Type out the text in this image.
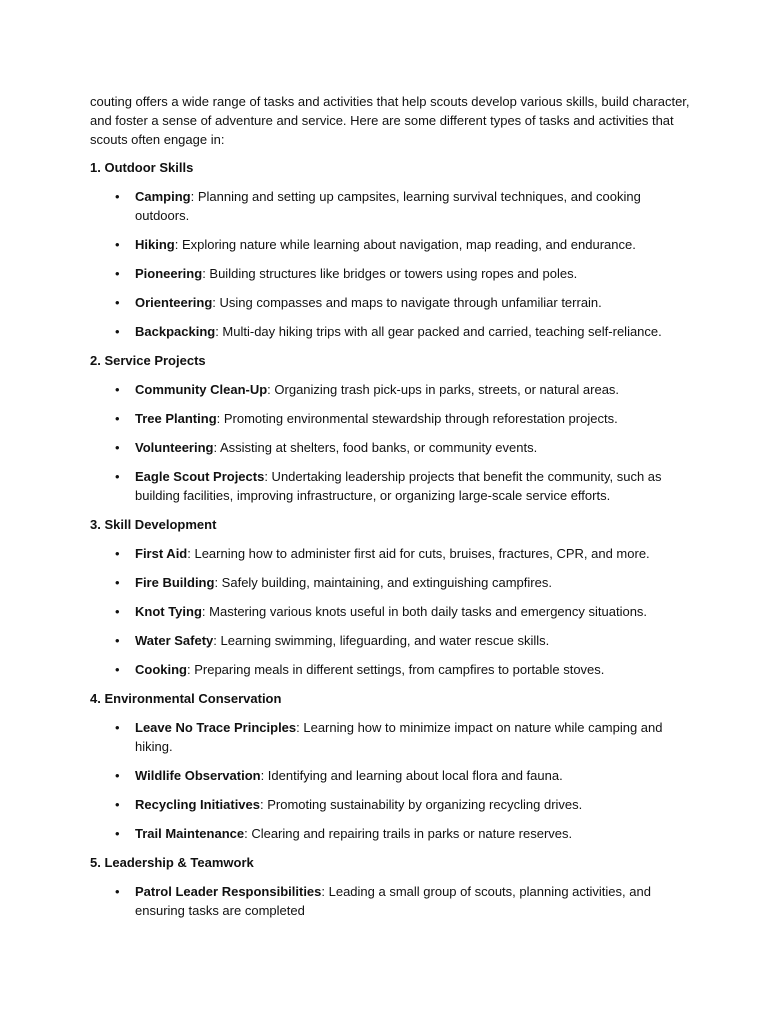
couting offers a wide range of tasks and activities that help scouts develop various skills, build character, and foster a sense of adventure and service. Here are some different types of tasks and activities that scouts often engage in:

1. Outdoor Skills

• Camping: Planning and setting up campsites, learning survival techniques, and cooking outdoors.
• Hiking: Exploring nature while learning about navigation, map reading, and endurance.
• Pioneering: Building structures like bridges or towers using ropes and poles.
• Orienteering: Using compasses and maps to navigate through unfamiliar terrain.
• Backpacking: Multi-day hiking trips with all gear packed and carried, teaching self-reliance.

2. Service Projects

• Community Clean-Up: Organizing trash pick-ups in parks, streets, or natural areas.
• Tree Planting: Promoting environmental stewardship through reforestation projects.
• Volunteering: Assisting at shelters, food banks, or community events.
• Eagle Scout Projects: Undertaking leadership projects that benefit the community, such as building facilities, improving infrastructure, or organizing large-scale service efforts.

3. Skill Development

• First Aid: Learning how to administer first aid for cuts, bruises, fractures, CPR, and more.
• Fire Building: Safely building, maintaining, and extinguishing campfires.
• Knot Tying: Mastering various knots useful in both daily tasks and emergency situations.
• Water Safety: Learning swimming, lifeguarding, and water rescue skills.
• Cooking: Preparing meals in different settings, from campfires to portable stoves.

4. Environmental Conservation

• Leave No Trace Principles: Learning how to minimize impact on nature while camping and hiking.
• Wildlife Observation: Identifying and learning about local flora and fauna.
• Recycling Initiatives: Promoting sustainability by organizing recycling drives.
• Trail Maintenance: Clearing and repairing trails in parks or nature reserves.

5. Leadership & Teamwork

• Patrol Leader Responsibilities: Leading a small group of scouts, planning activities, and ensuring tasks are completed
